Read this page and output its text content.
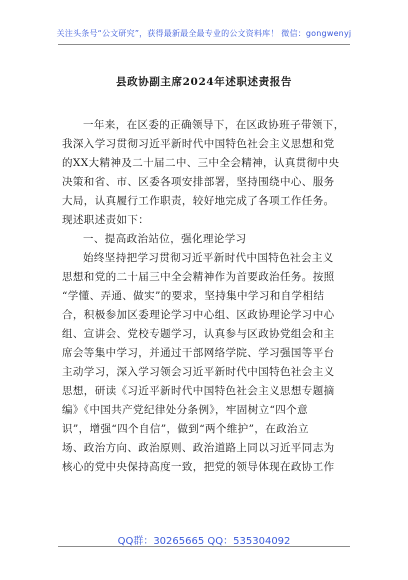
关注头条号“公文研究”，获得最新最全最专业的公文资料库！ 微信：gongwenyj
县政协副主席2024年述职述责报告
一年来，在区委的正确领导下，在区政协班子带领下，
我深入学习贯彻习近平新时代中国特色社会主义思想和党
的XX大精神及二十届二中、三中全会精神，认真贯彻中央
决策和省、市、区委各项安排部署，坚持围绕中心、服务
大局，认真履行工作职责，较好地完成了各项工作任务。
现述职述责如下：
一、提高政治站位，强化理论学习
始终坚持把学习贯彻习近平新时代中国特色社会主义
思想和党的二十届三中全会精神作为首要政治任务。按照
“学懂、弄通、做实”的要求，坚持集中学习和自学相结
合，积极参加区委理论学习中心组、区政协理论学习中心
组、宣讲会、党校专题学习，认真参与区政协党组会和主
席会等集中学习，并通过干部网络学院、学习强国等平台
主动学习，深入学习领会习近平新时代中国特色社会主义
思想，研读《习近平新时代中国特色社会主义思想专题摘
编》《中国共产党纪律处分条例》，牢固树立“四个意
识”，增强“四个自信”，做到“两个维护”，在政治立
场、政治方向、政治原则、政治道路上同以习近平同志为
核心的党中央保持高度一致，把党的领导体现在政协工作
QQ群：30265665 QQ：535304092
